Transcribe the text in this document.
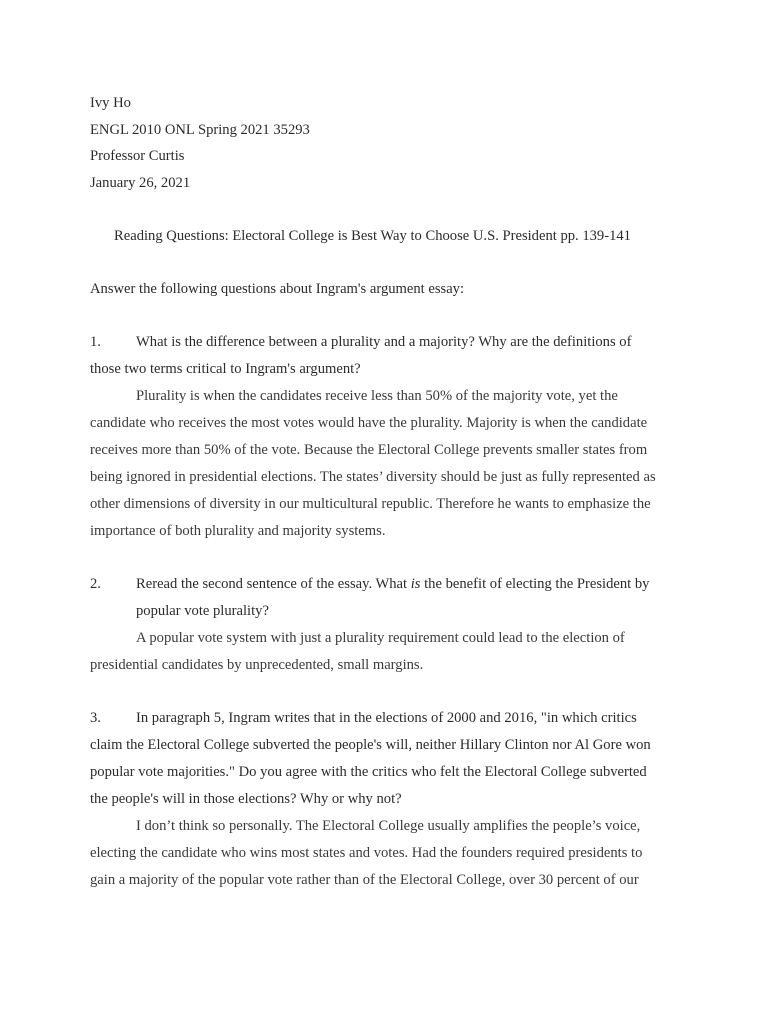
Ivy Ho
ENGL 2010 ONL Spring 2021 35293
Professor Curtis
January 26, 2021
Reading Questions: Electoral College is Best Way to Choose U.S. President pp. 139-141
Answer the following questions about Ingram's argument essay:
1. What is the difference between a plurality and a majority? Why are the definitions of
those two terms critical to Ingram's argument?
Plurality is when the candidates receive less than 50% of the majority vote, yet the
candidate who receives the most votes would have the plurality. Majority is when the candidate
receives more than 50% of the vote. Because the Electoral College prevents smaller states from
being ignored in presidential elections. The states’ diversity should be just as fully represented as
other dimensions of diversity in our multicultural republic. Therefore he wants to emphasize the
importance of both plurality and majority systems.
2. Reread the second sentence of the essay. What is the benefit of electing the President by
popular vote plurality?
A popular vote system with just a plurality requirement could lead to the election of
presidential candidates by unprecedented, small margins.
3. In paragraph 5, Ingram writes that in the elections of 2000 and 2016, "in which critics
claim the Electoral College subverted the people's will, neither Hillary Clinton nor Al Gore won
popular vote majorities." Do you agree with the critics who felt the Electoral College subverted
the people's will in those elections? Why or why not?
I don’t think so personally. The Electoral College usually amplifies the people’s voice,
electing the candidate who wins most states and votes. Had the founders required presidents to
gain a majority of the popular vote rather than of the Electoral College, over 30 percent of our
